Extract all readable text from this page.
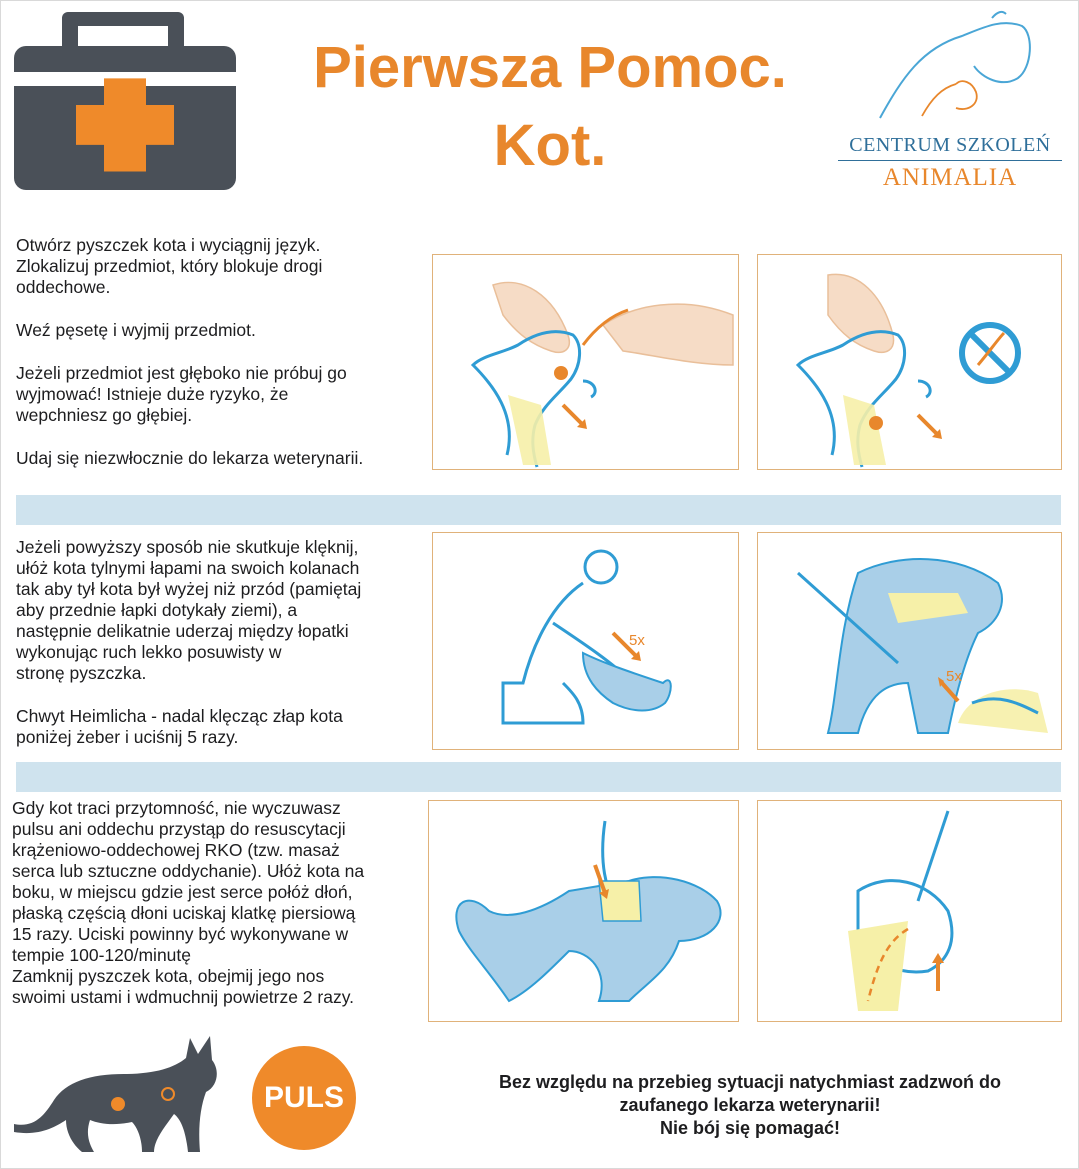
Pierwsza Pomoc.
Kot.	CENTRUM SZKOLEŃ
ANIMALIA

Otwórz pyszczek kota i wyciągnij język.
Zlokalizuj przedmiot, który blokuje drogi
oddechowe.

Weź pęsetę i wyjmij przedmiot.

Jeżeli przedmiot jest głęboko nie próbuj go
wyjmować! Istnieje duże ryzyko, że
wepchniesz go głębiej.

Udaj się niezwłocznie do lekarza weterynarii.

Jeżeli powyższy sposób nie skutkuje klęknij,
ułóż kota tylnymi łapami na swoich kolanach
tak aby tył kota był wyżej niż przód (pamiętaj
aby przednie łapki dotykały ziemi), a
następnie delikatnie uderzaj między łopatki
wykonując ruch lekko posuwisty w
stronę pyszczka.

Chwyt Heimlicha - nadal klęcząc złap kota
poniżej żeber i uciśnij 5 razy.

5x
5x

Gdy kot traci przytomność, nie wyczuwasz
pulsu ani oddechu przystąp do resuscytacji
krążeniowo-oddechowej RKO (tzw. masaż
serca lub sztuczne oddychanie). Ułóż kota na
boku, w miejscu gdzie jest serce połóż dłoń,
płaską częścią dłoni uciskaj klatkę piersiową
15 razy. Uciski powinny być wykonywane w
tempie 100-120/minutę
Zamknij pyszczek kota, obejmij jego nos
swoimi ustami i wdmuchnij powietrze 2 razy.

PULS	Bez względu na przebieg sytuacji natychmiast zadzwoń do
zaufanego lekarza weterynarii!
Nie bój się pomagać!
